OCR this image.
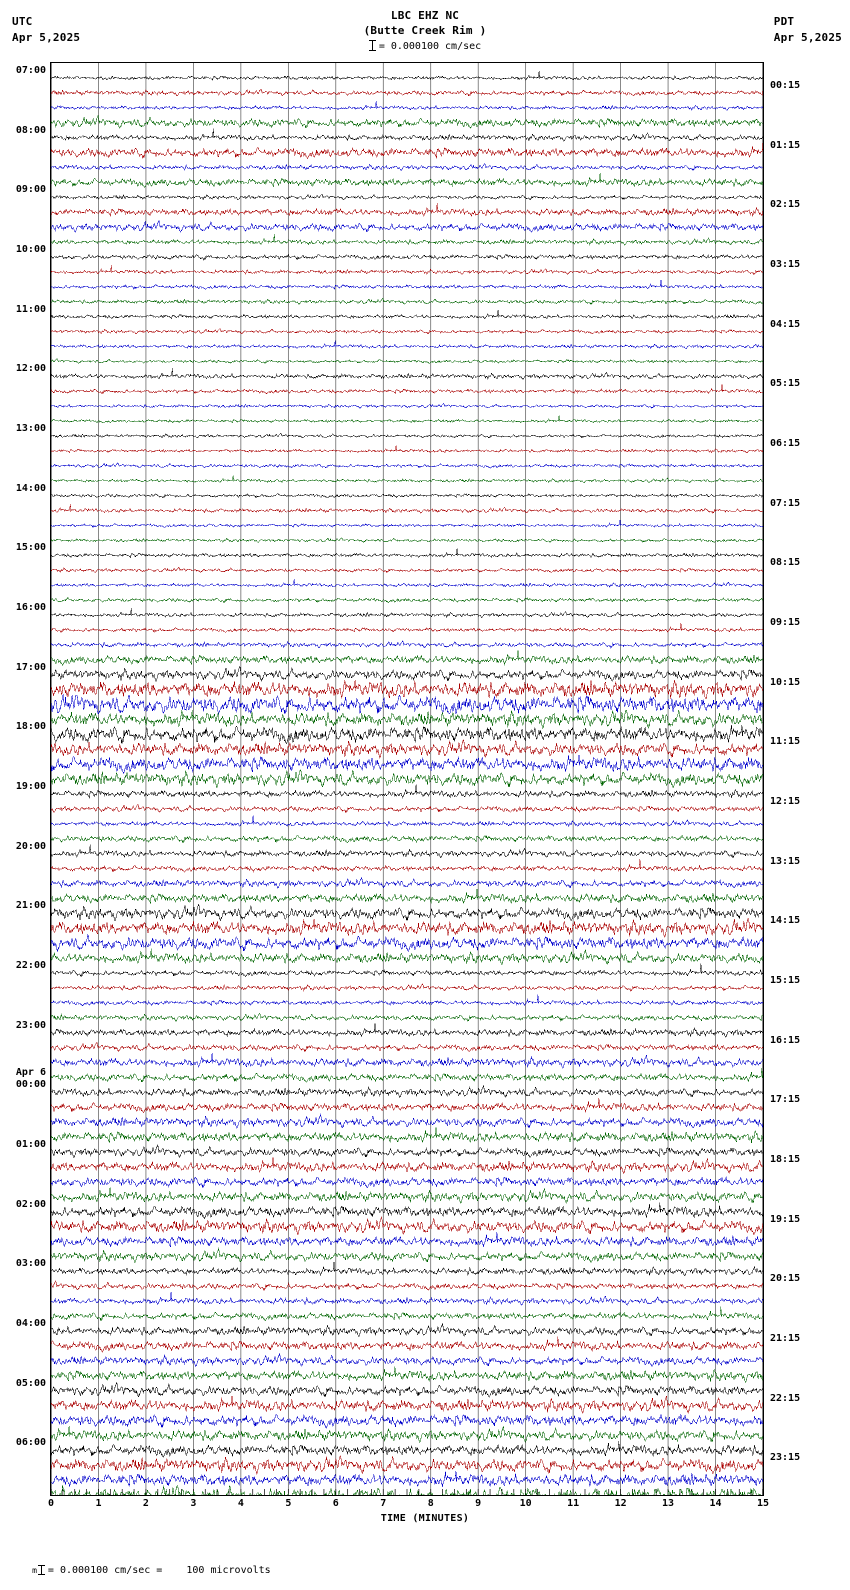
UTC
Apr 5,2025
LBC EHZ NC
(Butte Creek Rim )
= 0.000100 cm/sec
PDT
Apr 5,2025
07:00
08:00
09:00
10:00
11:00
12:00
13:00
14:00
15:00
16:00
17:00
18:00
19:00
20:00
21:00
22:00
23:00
00:00
01:00
02:00
03:00
04:00
05:00
06:00
Apr 6
00:15
01:15
02:15
03:15
04:15
05:15
06:15
07:15
08:15
09:15
10:15
11:15
12:15
13:15
14:15
15:15
16:15
17:15
18:15
19:15
20:15
21:15
22:15
23:15
0	1	2	3	4	5	6	7	8	9	10	11	12	13	14	15
TIME (MINUTES)

m = 0.000100 cm/sec =    100 microvolts
